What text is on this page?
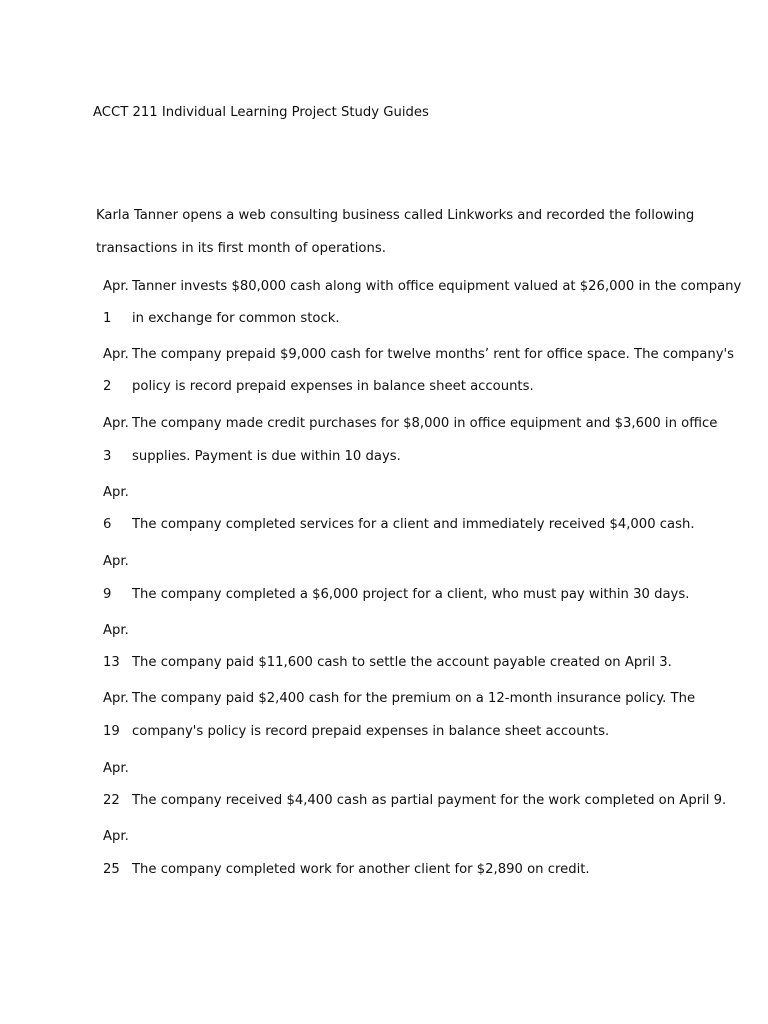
ACCT 211 Individual Learning Project Study Guides
Karla Tanner opens a web consulting business called Linkworks and recorded the following
transactions in its first month of operations.
Apr. Tanner invests $80,000 cash along with office equipment valued at $26,000 in the company
1 in exchange for common stock.
Apr. The company prepaid $9,000 cash for twelve months’ rent for office space. The company's
2 policy is record prepaid expenses in balance sheet accounts.
Apr. The company made credit purchases for $8,000 in office equipment and $3,600 in office
3 supplies. Payment is due within 10 days.
Apr.
6 The company completed services for a client and immediately received $4,000 cash.
Apr.
9 The company completed a $6,000 project for a client, who must pay within 30 days.
Apr.
13 The company paid $11,600 cash to settle the account payable created on April 3.
Apr. The company paid $2,400 cash for the premium on a 12-month insurance policy. The
19 company's policy is record prepaid expenses in balance sheet accounts.
Apr.
22 The company received $4,400 cash as partial payment for the work completed on April 9.
Apr.
25 The company completed work for another client for $2,890 on credit.
